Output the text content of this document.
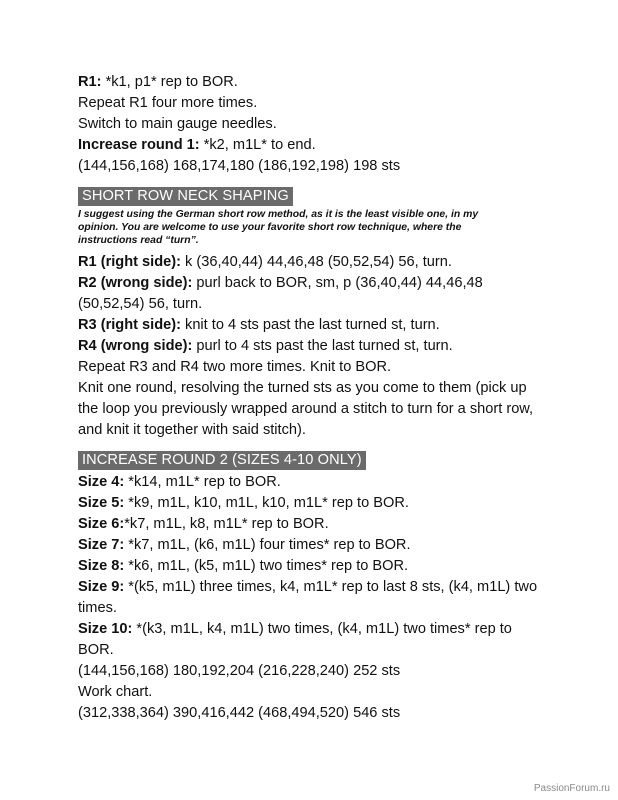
R1: *k1, p1* rep to BOR.

Repeat R1 four more times.

Switch to main gauge needles.

Increase round 1: *k2, m1L* to end.

(144,156,168) 168,174,180 (186,192,198) 198 sts

SHORT ROW NECK SHAPING

I suggest using the German short row method, as it is the least visible one, in my opinion. You are welcome to use your favorite short row technique, where the instructions read “turn”.

R1 (right side): k (36,40,44) 44,46,48 (50,52,54) 56, turn.

R2 (wrong side): purl back to BOR, sm, p (36,40,44) 44,46,48 (50,52,54) 56, turn.

R3 (right side): knit to 4 sts past the last turned st, turn.

R4 (wrong side): purl to 4 sts past the last turned st, turn.

Repeat R3 and R4 two more times. Knit to BOR.

Knit one round, resolving the turned sts as you come to them (pick up the loop you previously wrapped around a stitch to turn for a short row, and knit it together with said stitch).

INCREASE ROUND 2 (SIZES 4-10 ONLY)

Size 4: *k14, m1L* rep to BOR.

Size 5: *k9, m1L, k10, m1L, k10, m1L* rep to BOR.

Size 6:*k7, m1L, k8, m1L* rep to BOR.

Size 7: *k7, m1L, (k6, m1L) four times* rep to BOR.

Size 8: *k6, m1L, (k5, m1L) two times* rep to BOR.

Size 9: *(k5, m1L) three times, k4, m1L* rep to last 8 sts, (k4, m1L) two times.

Size 10: *(k3, m1L, k4, m1L) two times, (k4, m1L) two times* rep to BOR.

(144,156,168) 180,192,204 (216,228,240) 252 sts

Work chart.

(312,338,364) 390,416,442 (468,494,520) 546 sts

PassionForum.ru
